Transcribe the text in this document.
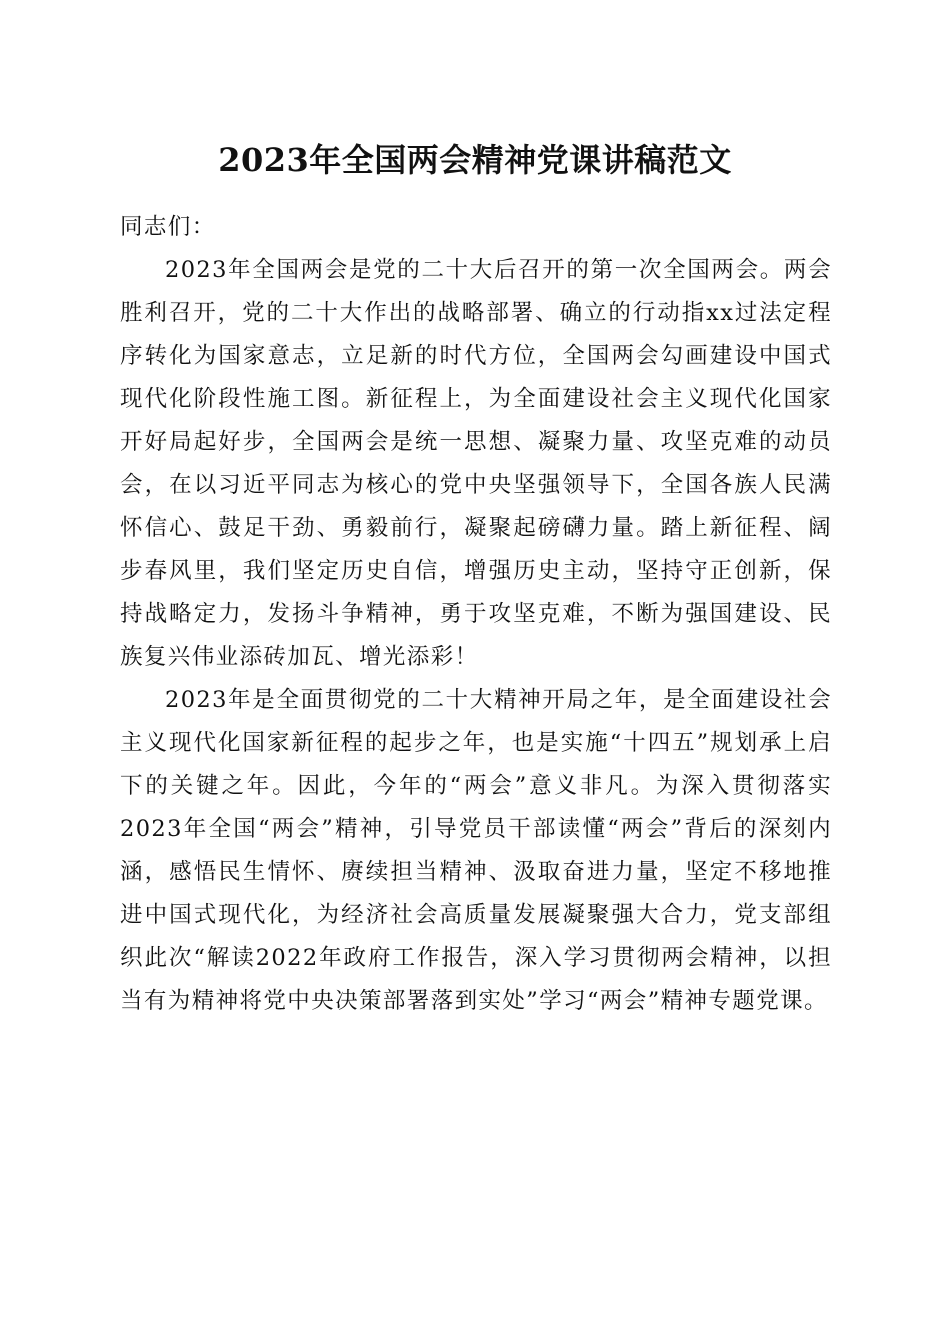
2023年全国两会精神党课讲稿范文

同志们：

2023年全国两会是党的二十大后召开的第一次全国两会。两会胜利召开，党的二十大作出的战略部署、确立的行动指xx过法定程序转化为国家意志，立足新的时代方位，全国两会勾画建设中国式现代化阶段性施工图。新征程上，为全面建设社会主义现代化国家开好局起好步，全国两会是统一思想、凝聚力量、攻坚克难的动员会，在以习近平同志为核心的党中央坚强领导下，全国各族人民满怀信心、鼓足干劲、勇毅前行，凝聚起磅礴力量。踏上新征程、阔步春风里，我们坚定历史自信，增强历史主动，坚持守正创新，保持战略定力，发扬斗争精神，勇于攻坚克难，不断为强国建设、民族复兴伟业添砖加瓦、增光添彩！

2023年是全面贯彻党的二十大精神开局之年，是全面建设社会主义现代化国家新征程的起步之年，也是实施“十四五”规划承上启下的关键之年。因此，今年的“两会”意义非凡。为深入贯彻落实2023年全国“两会”精神，引导党员干部读懂“两会”背后的深刻内涵，感悟民生情怀、赓续担当精神、汲取奋进力量，坚定不移地推进中国式现代化，为经济社会高质量发展凝聚强大合力，党支部组织此次“解读2022年政府工作报告，深入学习贯彻两会精神，以担当有为精神将党中央决策部署落到实处”学习“两会”精神专题党课。
